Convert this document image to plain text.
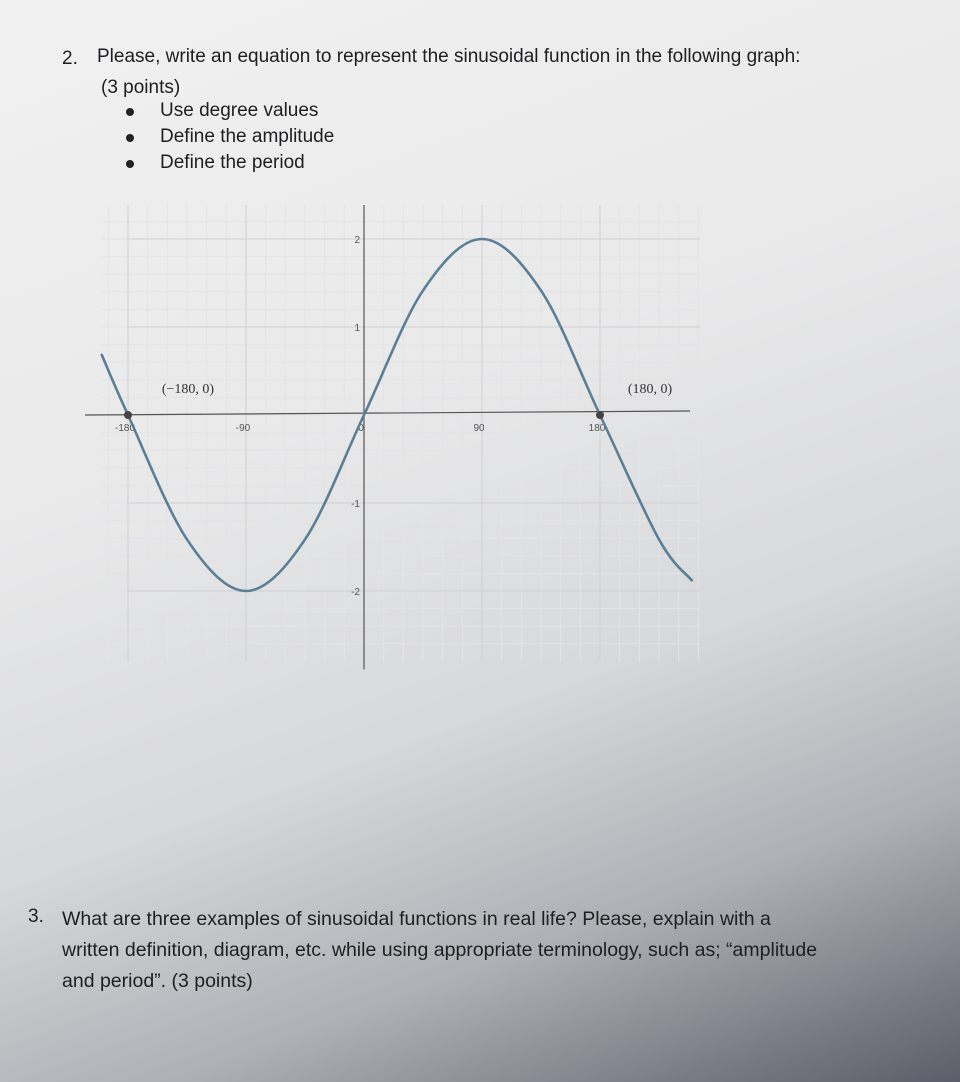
2. Please, write an equation to represent the sinusoidal function in the following graph:
(3 points)
Use degree values
Define the amplitude
Define the period
-180	-90	0	90	180
2
1
-1
-2
(−180, 0)	(180, 0)
3. What are three examples of sinusoidal functions in real life? Please, explain with a
written definition, diagram, etc. while using appropriate terminology, such as; “amplitude
and period”. (3 points)
